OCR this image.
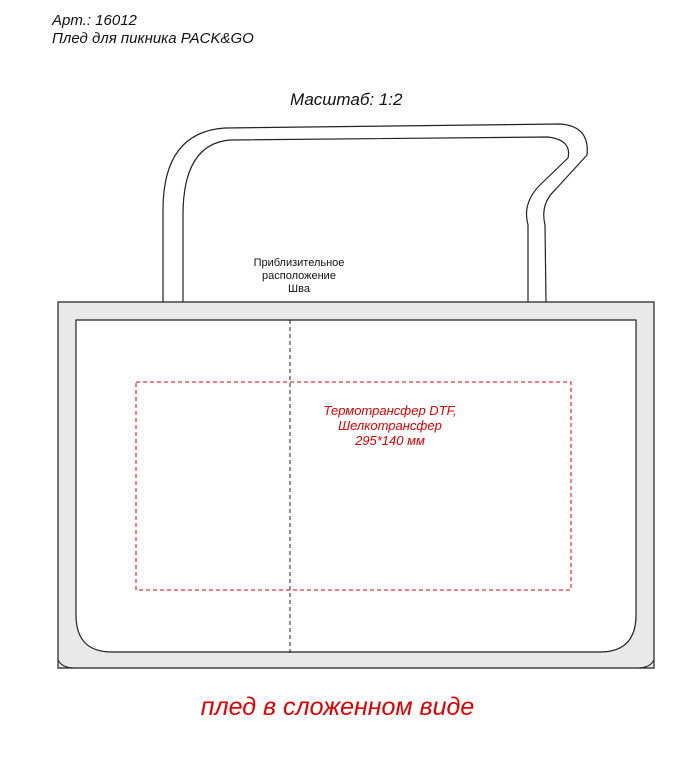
Арт.: 16012
Плед для пикника PACK&GO
Масштаб: 1:2
Приблизительное
расположение
Шва
Термотрансфер DTF,
Шелкотрансфер
295*140 мм
плед в сложенном виде
